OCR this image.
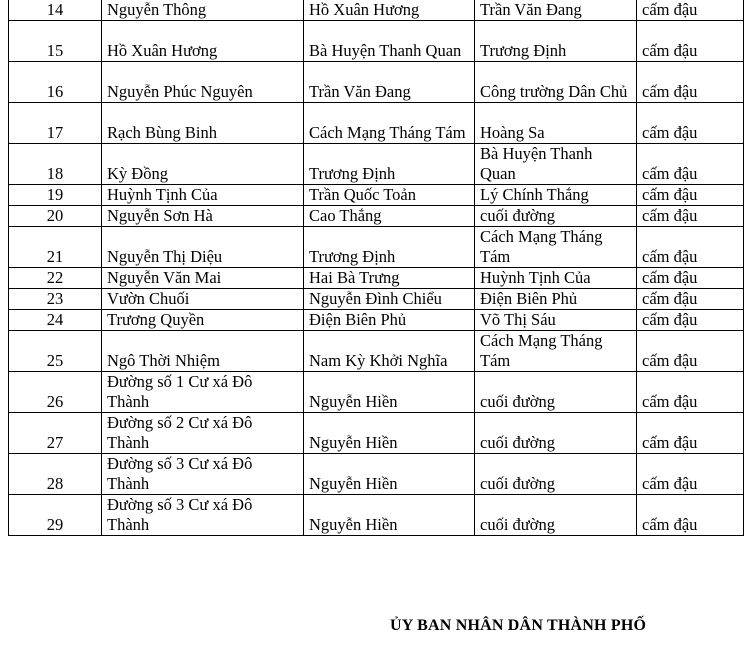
14	Nguyễn Thông	Hồ Xuân Hương	Trần Văn Đang	cấm đậu
15	Hồ Xuân Hương	Bà Huyện Thanh Quan	Trương Định	cấm đậu
16	Nguyễn Phúc Nguyên	Trần Văn Đang	Công trường Dân Chủ	cấm đậu
17	Rạch Bùng Binh	Cách Mạng Tháng Tám	Hoàng Sa	cấm đậu
18	Kỳ Đồng	Trương Định	Bà Huyện Thanh Quan	cấm đậu
19	Huỳnh Tịnh Của	Trần Quốc Toản	Lý Chính Thắng	cấm đậu
20	Nguyễn Sơn Hà	Cao Thắng	cuối đường	cấm đậu
21	Nguyễn Thị Diệu	Trương Định	Cách Mạng Tháng Tám	cấm đậu
22	Nguyễn Văn Mai	Hai Bà Trưng	Huỳnh Tịnh Của	cấm đậu
23	Vườn Chuối	Nguyễn Đình Chiểu	Điện Biên Phủ	cấm đậu
24	Trương Quyền	Điện Biên Phủ	Võ Thị Sáu	cấm đậu
25	Ngô Thời Nhiệm	Nam Kỳ Khởi Nghĩa	Cách Mạng Tháng Tám	cấm đậu
26	Đường số 1 Cư xá Đô Thành	Nguyễn Hiền	cuối đường	cấm đậu
27	Đường số 2 Cư xá Đô Thành	Nguyễn Hiền	cuối đường	cấm đậu
28	Đường số 3 Cư xá Đô Thành	Nguyễn Hiền	cuối đường	cấm đậu
29	Đường số 3 Cư xá Đô Thành	Nguyễn Hiền	cuối đường	cấm đậu
ỦY BAN NHÂN DÂN THÀNH PHỐ
